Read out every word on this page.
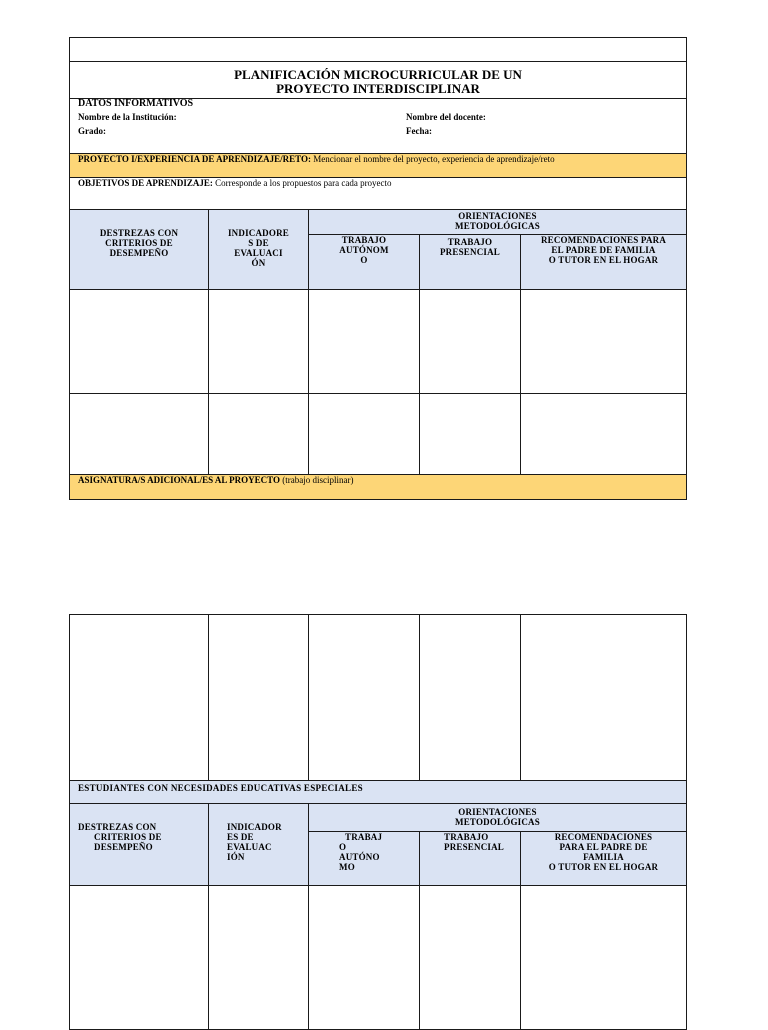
PLANIFICACIÓN MICROCURRICULAR DE UN
PROYECTO INTERDISCIPLINAR
DATOS INFORMATIVOS
Nombre de la Institución:
Grado:
Nombre del docente:
Fecha:
PROYECTO I/EXPERIENCIA DE APRENDIZAJE/RETO: Mencionar el nombre del proyecto, experiencia de aprendizaje/reto
OBJETIVOS DE APRENDIZAJE: Corresponde a los propuestos para cada proyecto
DESTREZAS CON
CRITERIOS DE
DESEMPEÑO
INDICADORE
S DE
EVALUACI
ÓN
ORIENTACIONES
METODOLÓGICAS
TRABAJO
AUTÓNOM
O
TRABAJO
PRESENCIAL
RECOMENDACIONES PARA
EL PADRE DE FAMILIA
O TUTOR EN EL HOGAR
ASIGNATURA/S ADICIONAL/ES AL PROYECTO (trabajo disciplinar)
ESTUDIANTES CON NECESIDADES EDUCATIVAS ESPECIALES
DESTREZAS CON
CRITERIOS DE
DESEMPEÑO
INDICADOR
ES DE
EVALUAC
IÓN
ORIENTACIONES
METODOLÓGICAS
TRABAJ
O
AUTÓNO
MO
TRABAJO
PRESENCIAL
RECOMENDACIONES
PARA EL PADRE DE
FAMILIA
O TUTOR EN EL HOGAR
